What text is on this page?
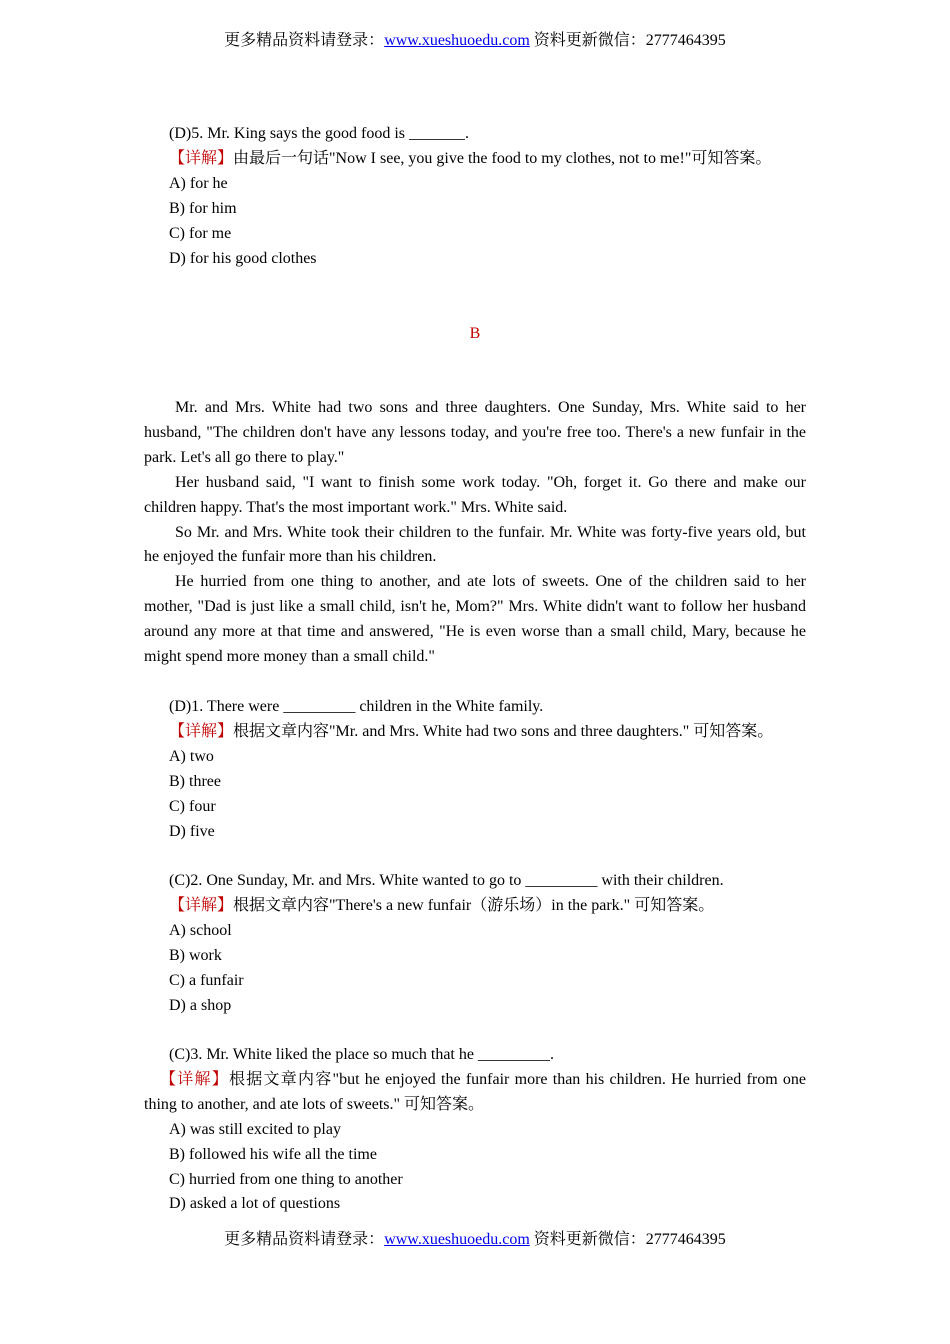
更多精品资料请登录：www.xueshuoedu.com 资料更新微信：2777464395
(D)5. Mr. King says the good food is _______.
【详解】由最后一句话"Now I see, you give the food to my clothes, not to me!"可知答案。
A) for he
B) for him
C) for me
D) for his good clothes
B
Mr. and Mrs. White had two sons and three daughters. One Sunday, Mrs. White said to her husband, "The children don't have any lessons today, and you're free too. There's a new funfair in the park. Let's all go there to play."
Her husband said, "I want to finish some work today. "Oh, forget it. Go there and make our children happy. That's the most important work." Mrs. White said.
So Mr. and Mrs. White took their children to the funfair. Mr. White was forty-five years old, but he enjoyed the funfair more than his children.
He hurried from one thing to another, and ate lots of sweets. One of the children said to her mother, "Dad is just like a small child, isn't he, Mom?" Mrs. White didn't want to follow her husband around any more at that time and answered, "He is even worse than a small child, Mary, because he might spend more money than a small child."
(D)1. There were _________ children in the White family.
【详解】根据文章内容"Mr. and Mrs. White had two sons and three daughters." 可知答案。
A) two
B) three
C) four
D) five
(C)2. One Sunday, Mr. and Mrs. White wanted to go to _________ with their children.
【详解】根据文章内容"There's a new funfair（游乐场）in the park." 可知答案。
A) school
B) work
C) a funfair
D) a shop
(C)3. Mr. White liked the place so much that he _________.
【详解】根据文章内容"but he enjoyed the funfair more than his children. He hurried from one thing to another, and ate lots of sweets." 可知答案。
A) was still excited to play
B) followed his wife all the time
C) hurried from one thing to another
D) asked a lot of questions
更多精品资料请登录：www.xueshuoedu.com 资料更新微信：2777464395
